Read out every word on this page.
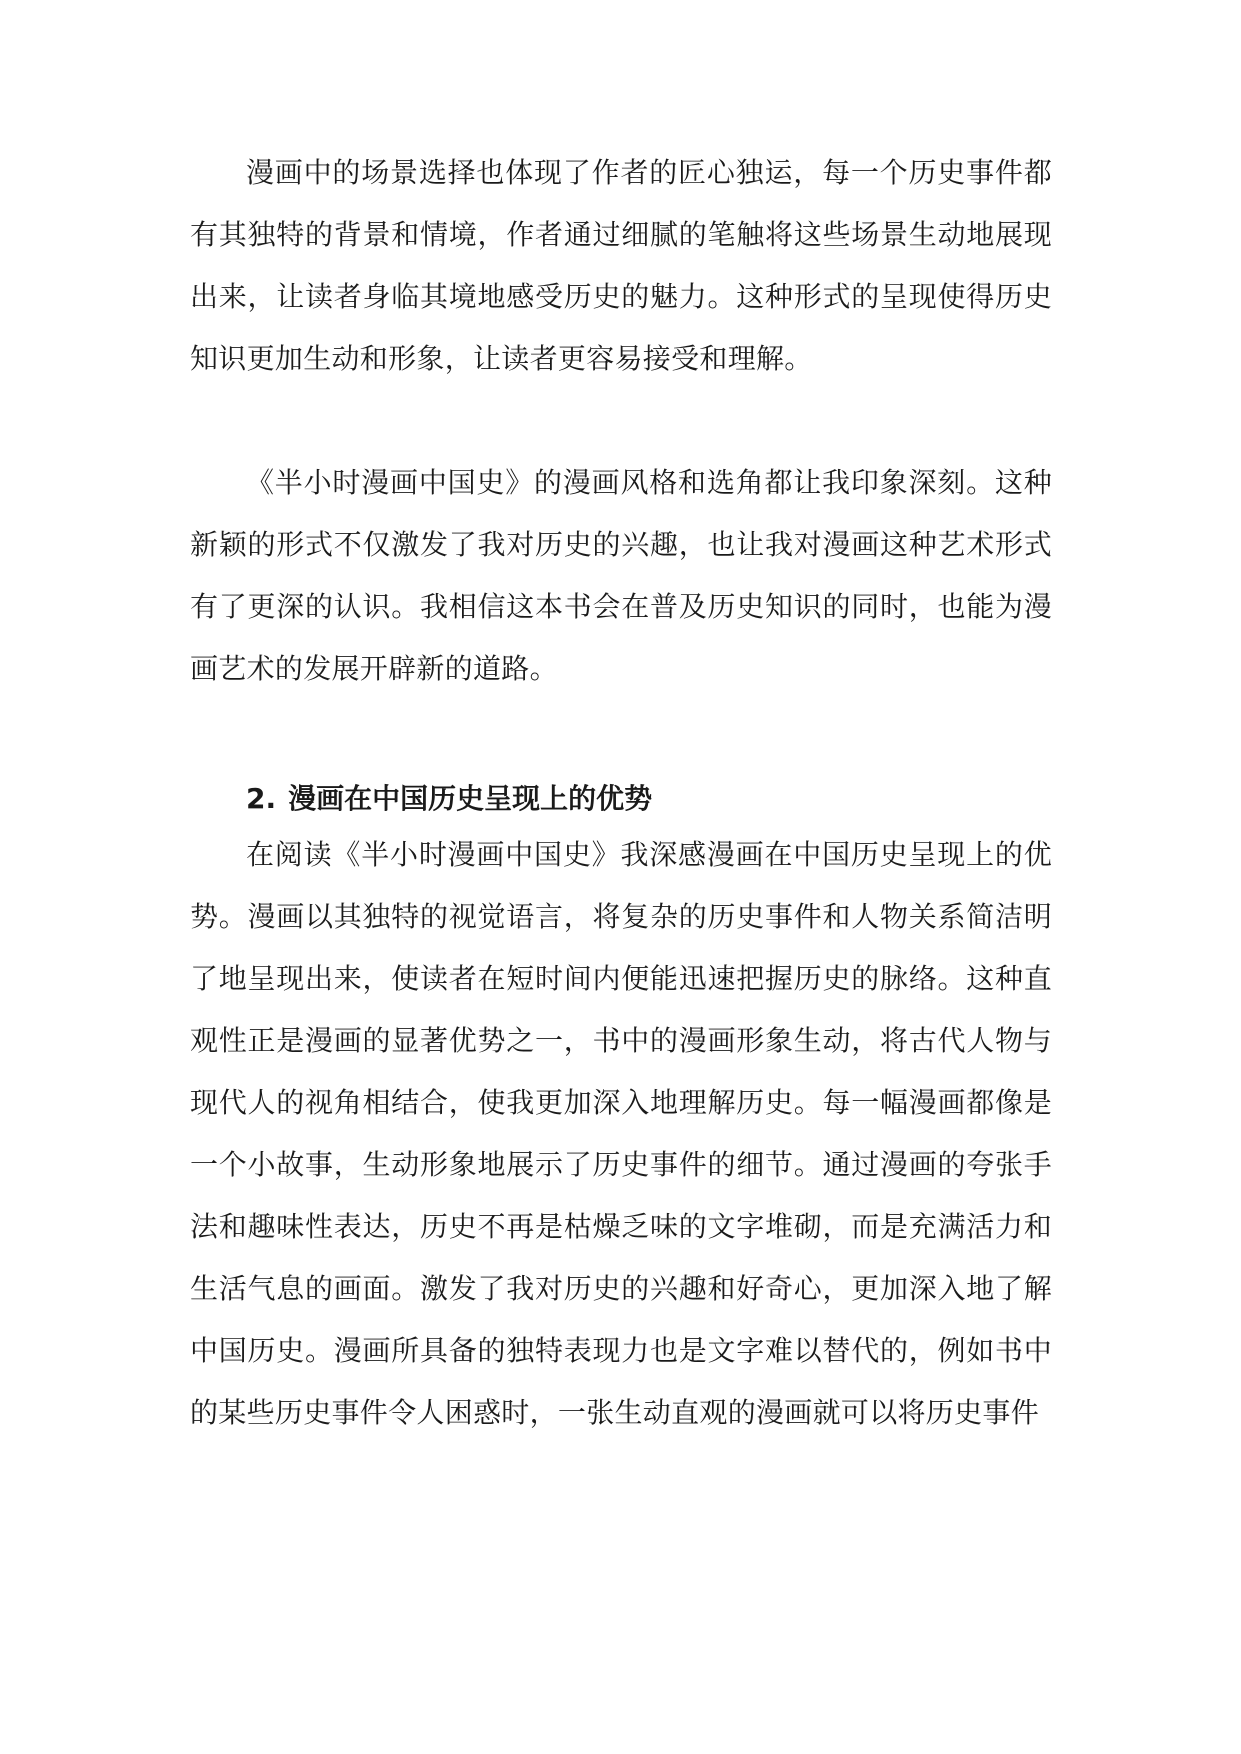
漫画中的场景选择也体现了作者的匠心独运，每一个历史事件都有其独特的背景和情境，作者通过细腻的笔触将这些场景生动地展现出来，让读者身临其境地感受历史的魅力。这种形式的呈现使得历史知识更加生动和形象，让读者更容易接受和理解。

《半小时漫画中国史》的漫画风格和选角都让我印象深刻。这种新颖的形式不仅激发了我对历史的兴趣，也让我对漫画这种艺术形式有了更深的认识。我相信这本书会在普及历史知识的同时，也能为漫画艺术的发展开辟新的道路。

2. 漫画在中国历史呈现上的优势

在阅读《半小时漫画中国史》我深感漫画在中国历史呈现上的优势。漫画以其独特的视觉语言，将复杂的历史事件和人物关系简洁明了地呈现出来，使读者在短时间内便能迅速把握历史的脉络。这种直观性正是漫画的显著优势之一，书中的漫画形象生动，将古代人物与现代人的视角相结合，使我更加深入地理解历史。每一幅漫画都像是一个小故事，生动形象地展示了历史事件的细节。通过漫画的夸张手法和趣味性表达，历史不再是枯燥乏味的文字堆砌，而是充满活力和生活气息的画面。激发了我对历史的兴趣和好奇心，更加深入地了解中国历史。漫画所具备的独特表现力也是文字难以替代的，例如书中的某些历史事件令人困惑时，一张生动直观的漫画就可以将历史事件
